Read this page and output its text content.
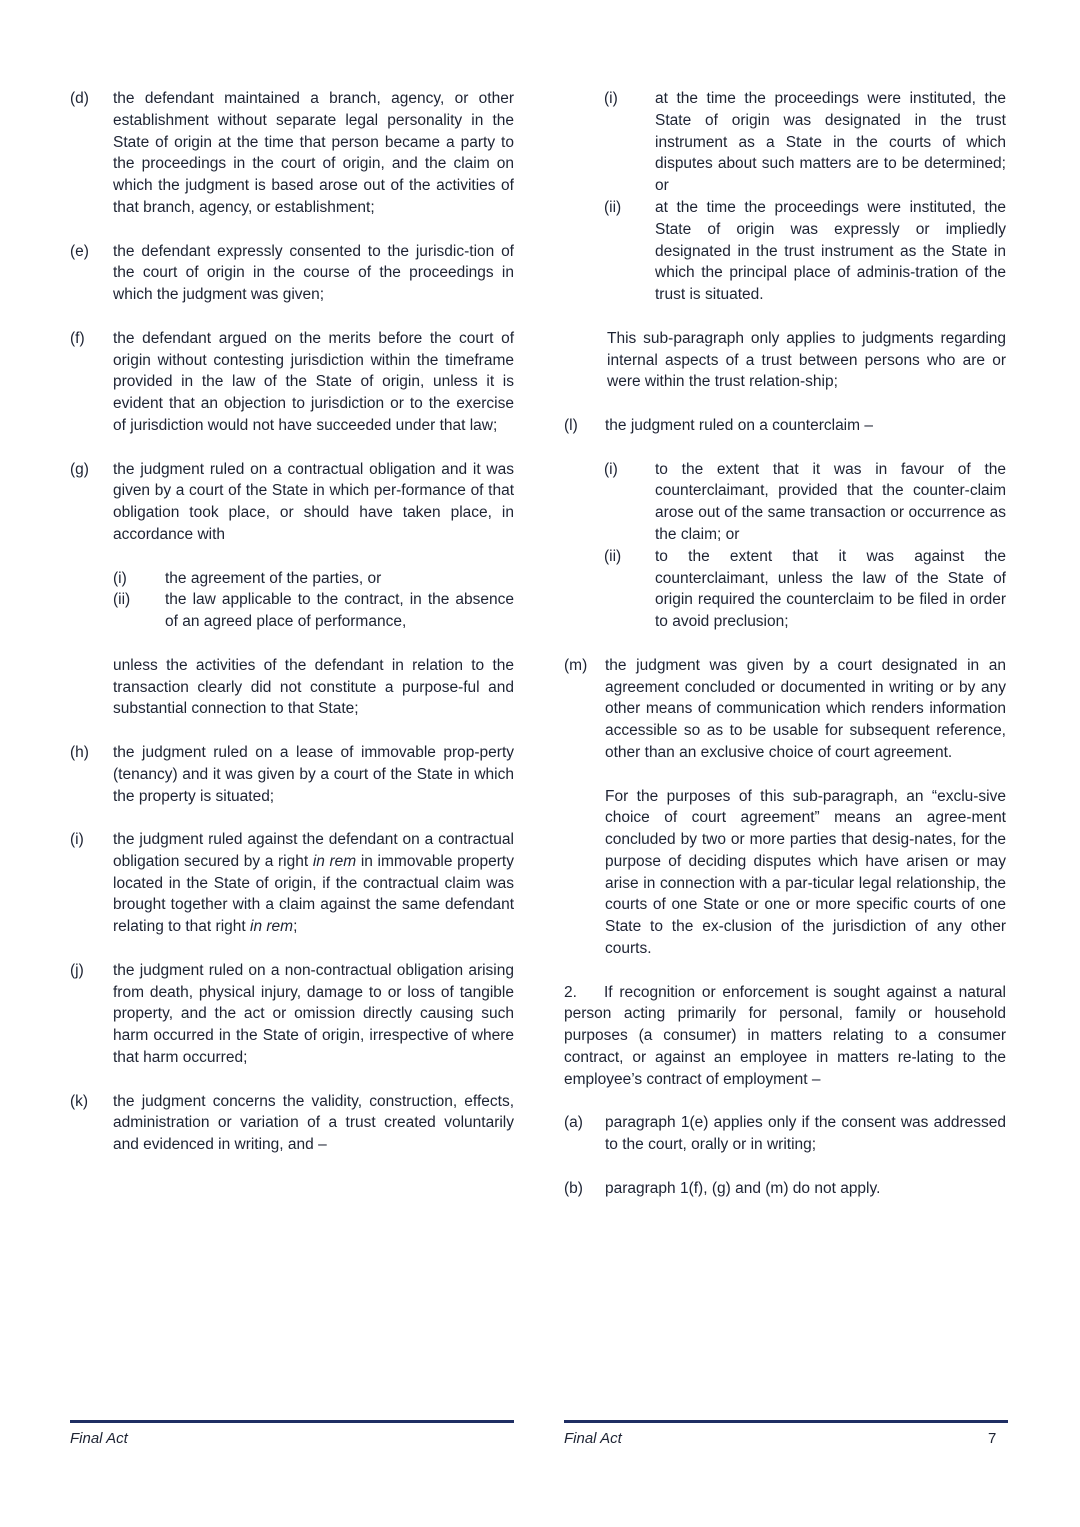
(d) the defendant maintained a branch, agency, or other establishment without separate legal personality in the State of origin at the time that person became a party to the proceedings in the court of origin, and the claim on which the judgment is based arose out of the activities of that branch, agency, or establishment;
(e) the defendant expressly consented to the jurisdic-tion of the court of origin in the course of the proceedings in which the judgment was given;
(f) the defendant argued on the merits before the court of origin without contesting jurisdiction within the timeframe provided in the law of the State of origin, unless it is evident that an objection to jurisdiction or to the exercise of jurisdiction would not have succeeded under that law;
(g) the judgment ruled on a contractual obligation and it was given by a court of the State in which per-formance of that obligation took place, or should have taken place, in accordance with
(i) the agreement of the parties, or
(ii) the law applicable to the contract, in the absence of an agreed place of performance,
unless the activities of the defendant in relation to the transaction clearly did not constitute a purpose-ful and substantial connection to that State;
(h) the judgment ruled on a lease of immovable prop-perty (tenancy) and it was given by a court of the State in which the property is situated;
(i) the judgment ruled against the defendant on a contractual obligation secured by a right in rem in immovable property located in the State of origin, if the contractual claim was brought together with a claim against the same defendant relating to that right in rem;
(j) the judgment ruled on a non-contractual obligation arising from death, physical injury, damage to or loss of tangible property, and the act or omission directly causing such harm occurred in the State of origin, irrespective of where that harm occurred;
(k) the judgment concerns the validity, construction, effects, administration or variation of a trust created voluntarily and evidenced in writing, and –
(i) at the time the proceedings were instituted, the State of origin was designated in the trust instrument as a State in the courts of which disputes about such matters are to be determined; or
(ii) at the time the proceedings were instituted, the State of origin was expressly or impliedly designated in the trust instrument as the State in which the principal place of adminis-tration of the trust is situated.
This sub-paragraph only applies to judgments regarding internal aspects of a trust between persons who are or were within the trust relation-ship;
(l) the judgment ruled on a counterclaim –
(i) to the extent that it was in favour of the counterclaimant, provided that the counter-claim arose out of the same transaction or occurrence as the claim; or
(ii) to the extent that it was against the counterclaimant, unless the law of the State of origin required the counterclaim to be filed in order to avoid preclusion;
(m) the judgment was given by a court designated in an agreement concluded or documented in writing or by any other means of communication which renders information accessible so as to be usable for subsequent reference, other than an exclusive choice of court agreement.
For the purposes of this sub-paragraph, an “exclu-sive choice of court agreement” means an agree-ment concluded by two or more parties that desig-nates, for the purpose of deciding disputes which have arisen or may arise in connection with a par-ticular legal relationship, the courts of one State or one or more specific courts of one State to the ex-clusion of the jurisdiction of any other courts.
2. If recognition or enforcement is sought against a natural person acting primarily for personal, family or household purposes (a consumer) in matters relating to a consumer contract, or against an employee in matters re-lating to the employee’s contract of employment –
(a) paragraph 1(e) applies only if the consent was addressed to the court, orally or in writing;
(b) paragraph 1(f), (g) and (m) do not apply.
Final Act	Final Act	7
